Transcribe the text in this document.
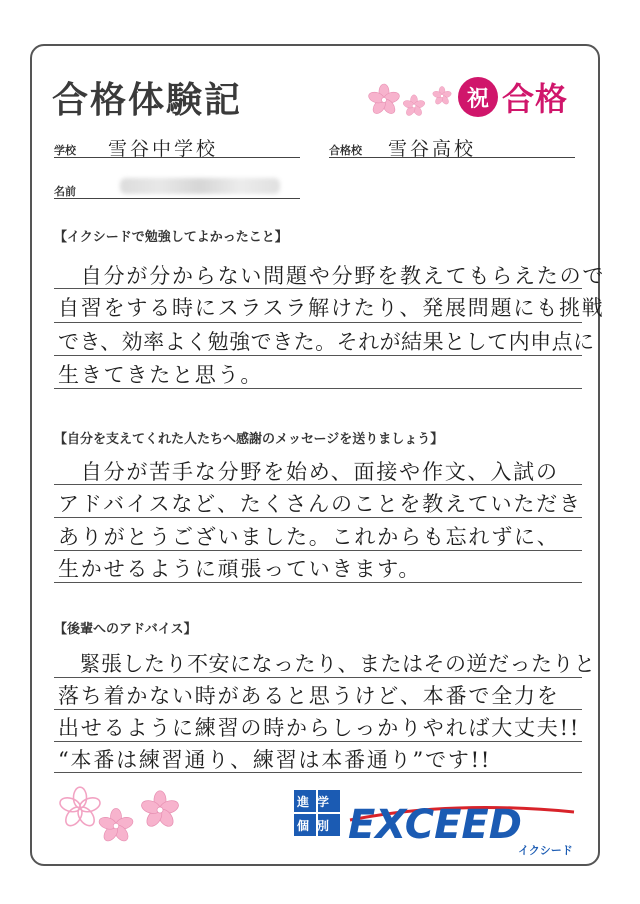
合格体験記	祝 合格
学校 雪谷中学校	合格校 雪谷高校
名前
【イクシードで勉強してよかったこと】
　自分が分からない問題や分野を教えてもらえたので
自習をする時にスラスラ解けたり、発展問題にも挑戦
でき、効率よく勉強できた。それが結果として内申点に
生きてきたと思う。
【自分を支えてくれた人たちへ感謝のメッセージを送りましょう】
　自分が苦手な分野を始め、面接や作文、入試の
アドバイスなど、たくさんのことを教えていただき
ありがとうございました。これからも忘れずに、
生かせるように頑張っていきます。
【後輩へのアドバイス】
　緊張したり不安になったり、またはその逆だったりと
落ち着かない時があると思うけど、本番で全力を
出せるように練習の時からしっかりやれば大丈夫!!
“本番は練習通り、練習は本番通り”です!!
進学
個別 EXCEED
イクシード
